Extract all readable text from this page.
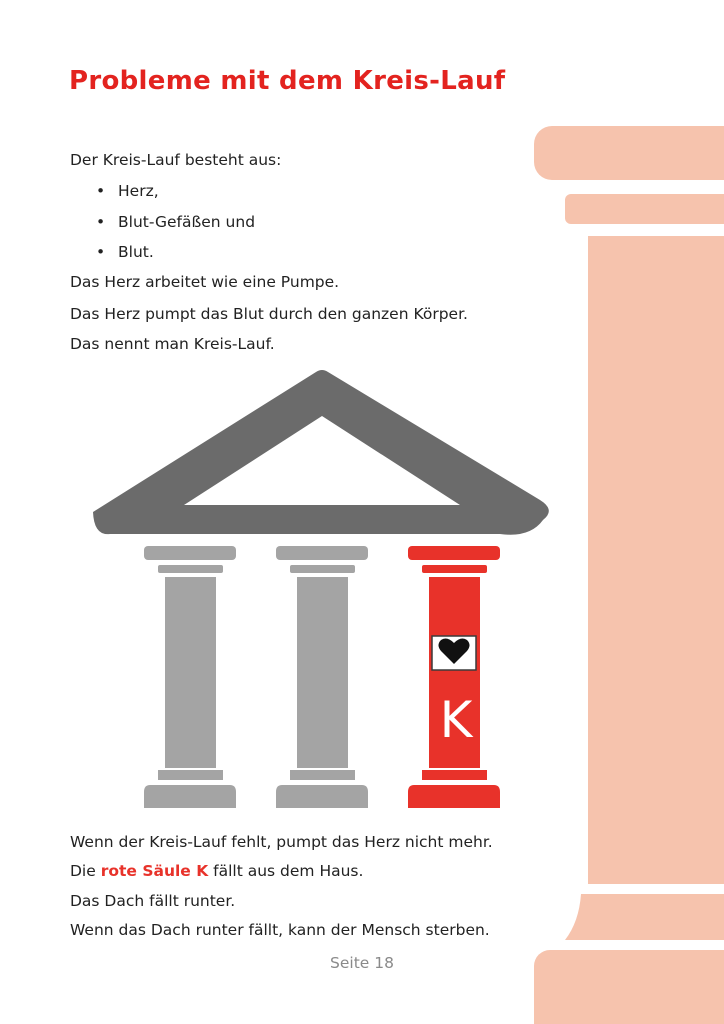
Probleme mit dem Kreis-Lauf

Der Kreis-Lauf besteht aus:

• Herz,

• Blut-Gefäßen und

• Blut.

Das Herz arbeitet wie eine Pumpe.

Das Herz pumpt das Blut durch den ganzen Körper.

Das nennt man Kreis-Lauf.

K

Wenn der Kreis-Lauf fehlt, pumpt das Herz nicht mehr.

Die rote Säule K fällt aus dem Haus.

Das Dach fällt runter.

Wenn das Dach runter fällt, kann der Mensch sterben.

Seite 18
